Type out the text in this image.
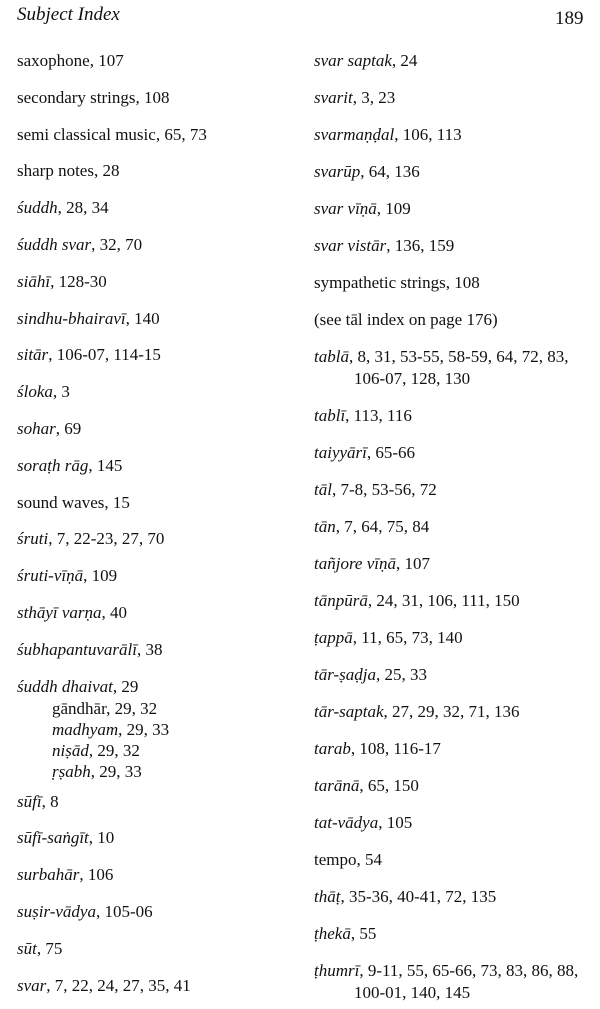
Subject Index	189
saxophone, 107
secondary strings, 108
semi classical music, 65, 73
sharp notes, 28
śuddh, 28, 34
śuddh svar, 32, 70
siāhī, 128-30
sindhu-bhairavī, 140
sitār, 106-07, 114-15
śloka, 3
sohar, 69
soraṭh rāg, 145
sound waves, 15
śruti, 7, 22-23, 27, 70
śruti-vīṇā, 109
sthāyī varṇa, 40
śubhapantuvarālī, 38
śuddh dhaivat, 29
gāndhār, 29, 32
madhyam, 29, 33
niṣād, 29, 32
ṛṣabh, 29, 33
sūfī, 8
sūfī-saṅgīt, 10
surbahār, 106
suṣir-vādya, 105-06
sūt, 75
svar, 7, 22, 24, 27, 35, 41
svar saptak, 24
svarit, 3, 23
svarmaṇḍal, 106, 113
svarūp, 64, 136
svar vīṇā, 109
svar vistār, 136, 159
sympathetic strings, 108
(see tāl index on page 176)
tablā, 8, 31, 53-55, 58-59, 64, 72, 83,
106-07, 128, 130
tablī, 113, 116
taiyyārī, 65-66
tāl, 7-8, 53-56, 72
tān, 7, 64, 75, 84
tañjore vīṇā, 107
tānpūrā, 24, 31, 106, 111, 150
ṭappā, 11, 65, 73, 140
tār-ṣaḍja, 25, 33
tār-saptak, 27, 29, 32, 71, 136
tarab, 108, 116-17
tarānā, 65, 150
tat-vādya, 105
tempo, 54
thāṭ, 35-36, 40-41, 72, 135
ṭhekā, 55
ṭhumrī, 9-11, 55, 65-66, 73, 83, 86, 88,
100-01, 140, 145
